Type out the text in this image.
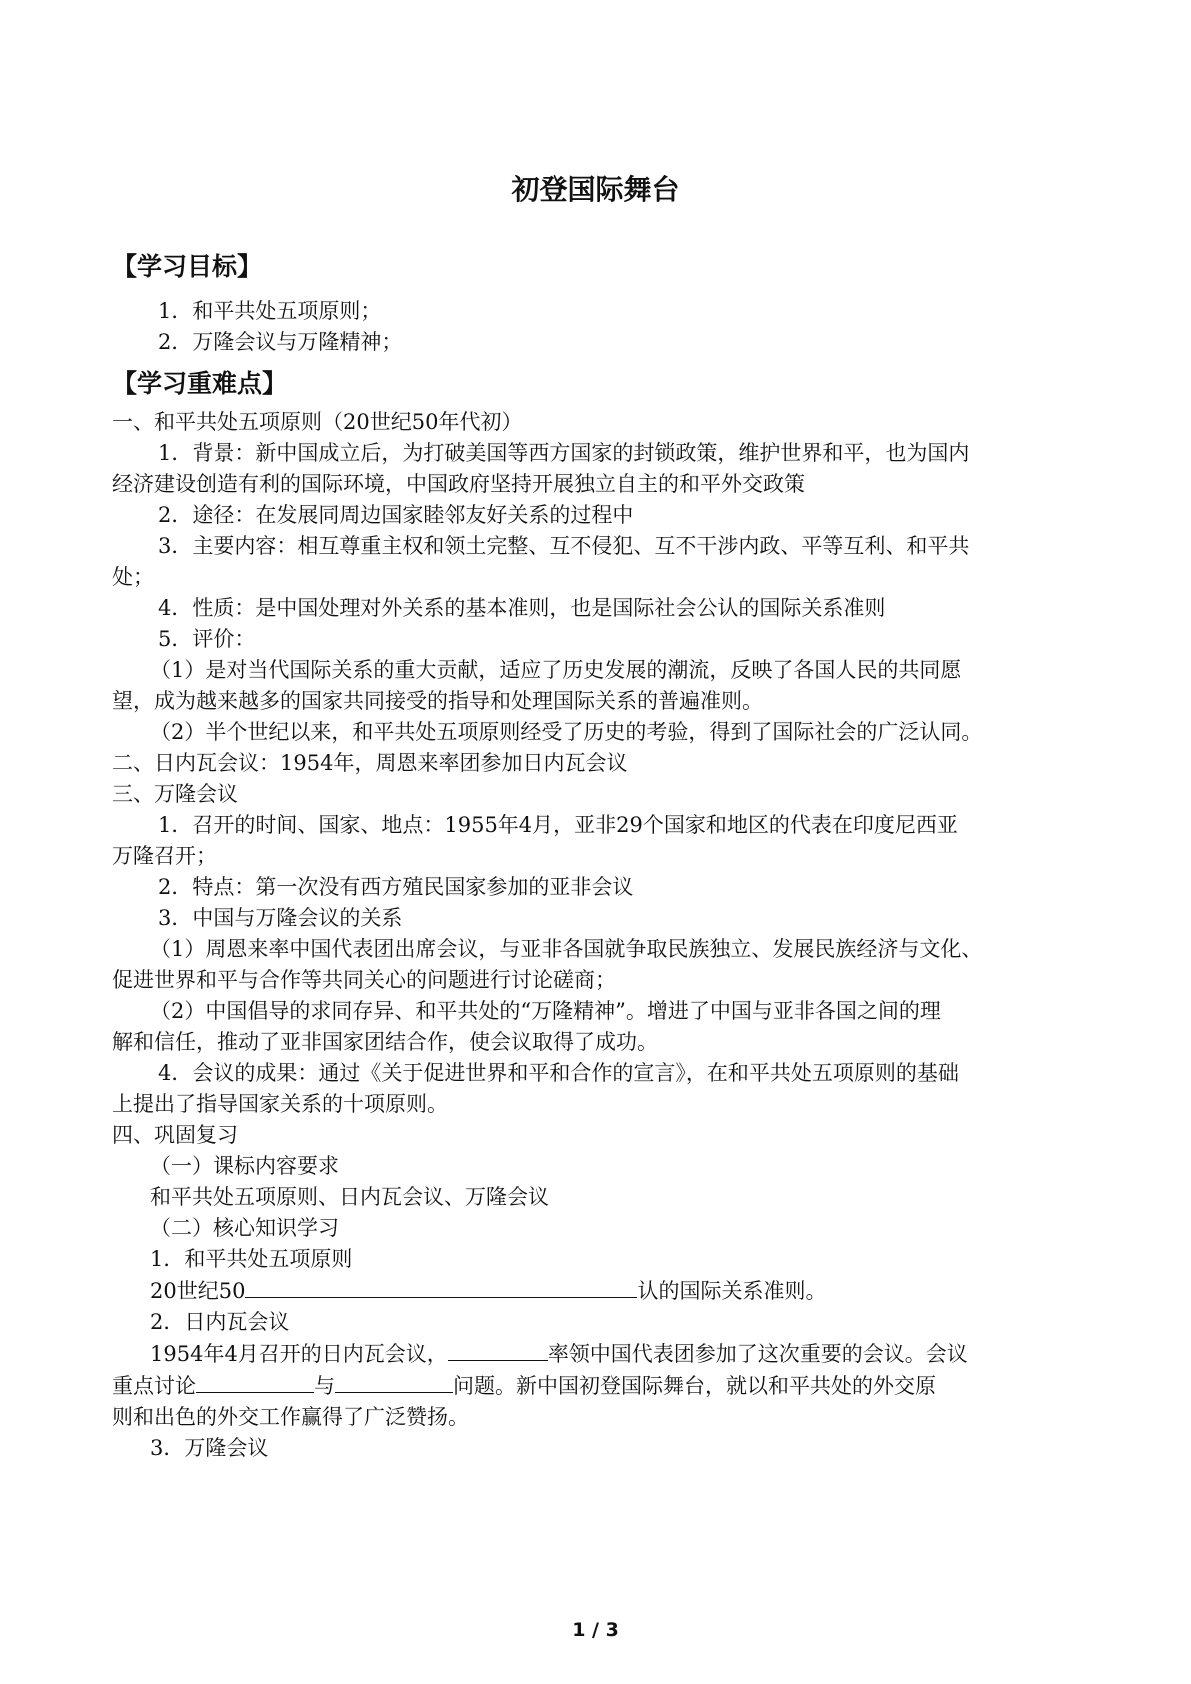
初登国际舞台
【学习目标】
1．和平共处五项原则；
2．万隆会议与万隆精神；
【学习重难点】
一、和平共处五项原则（20世纪50年代初）
1．背景：新中国成立后，为打破美国等西方国家的封锁政策，维护世界和平，也为国内
经济建设创造有利的国际环境，中国政府坚持开展独立自主的和平外交政策
2．途径：在发展同周边国家睦邻友好关系的过程中
3．主要内容：相互尊重主权和领土完整、互不侵犯、互不干涉内政、平等互利、和平共
处；
4．性质：是中国处理对外关系的基本准则，也是国际社会公认的国际关系准则
5．评价：
（1）是对当代国际关系的重大贡献，适应了历史发展的潮流，反映了各国人民的共同愿
望，成为越来越多的国家共同接受的指导和处理国际关系的普遍准则。
（2）半个世纪以来，和平共处五项原则经受了历史的考验，得到了国际社会的广泛认同。
二、日内瓦会议：1954年，周恩来率团参加日内瓦会议
三、万隆会议
1．召开的时间、国家、地点：1955年4月，亚非29个国家和地区的代表在印度尼西亚
万隆召开；
2．特点：第一次没有西方殖民国家参加的亚非会议
3．中国与万隆会议的关系
（1）周恩来率中国代表团出席会议，与亚非各国就争取民族独立、发展民族经济与文化、
促进世界和平与合作等共同关心的问题进行讨论磋商；
（2）中国倡导的求同存异、和平共处的“万隆精神”。增进了中国与亚非各国之间的理
解和信任，推动了亚非国家团结合作，使会议取得了成功。
4．会议的成果：通过《关于促进世界和平和合作的宣言》，在和平共处五项原则的基础
上提出了指导国家关系的十项原则。
四、巩固复习
（一）课标内容要求
和平共处五项原则、日内瓦会议、万隆会议
（二）核心知识学习
1．和平共处五项原则
20世纪50	认的国际关系准则。
2．日内瓦会议
1954年4月召开的日内瓦会议，	率领中国代表团参加了这次重要的会议。会议
重点讨论	与	问题。新中国初登国际舞台，就以和平共处的外交原
则和出色的外交工作赢得了广泛赞扬。
3．万隆会议
1 / 3
